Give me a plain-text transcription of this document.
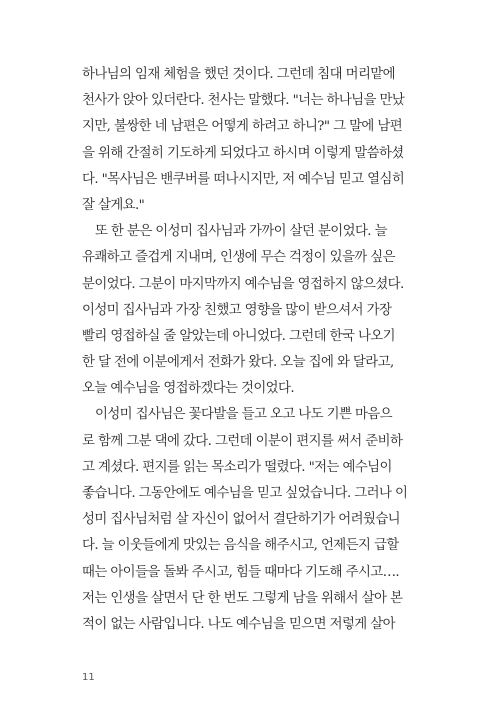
하나님의 임재 체험을 했던 것이다. 그런데 침대 머리맡에
천사가 앉아 있더란다. 천사는 말했다. "너는 하나님을 만났
지만, 불쌍한 네 남편은 어떻게 하려고 하니?" 그 말에 남편
을 위해 간절히 기도하게 되었다고 하시며 이렇게 말씀하셨
다. "목사님은 밴쿠버를 떠나시지만, 저 예수님 믿고 열심히
잘 살게요."
또 한 분은 이성미 집사님과 가까이 살던 분이었다. 늘
유쾌하고 즐겁게 지내며, 인생에 무슨 걱정이 있을까 싶은
분이었다. 그분이 마지막까지 예수님을 영접하지 않으셨다.
이성미 집사님과 가장 친했고 영향을 많이 받으셔서 가장
빨리 영접하실 줄 알았는데 아니었다. 그런데 한국 나오기
한 달 전에 이분에게서 전화가 왔다. 오늘 집에 와 달라고,
오늘 예수님을 영접하겠다는 것이었다.
이성미 집사님은 꽃다발을 들고 오고 나도 기쁜 마음으
로 함께 그분 댁에 갔다. 그런데 이분이 편지를 써서 준비하
고 계셨다. 편지를 읽는 목소리가 떨렸다. "저는 예수님이
좋습니다. 그동안에도 예수님을 믿고 싶었습니다. 그러나 이
성미 집사님처럼 살 자신이 없어서 결단하기가 어려웠습니
다. 늘 이웃들에게 맛있는 음식을 해주시고, 언제든지 급할
때는 아이들을 돌봐 주시고, 힘들 때마다 기도해 주시고….
저는 인생을 살면서 단 한 번도 그렇게 남을 위해서 살아 본
적이 없는 사람입니다. 나도 예수님을 믿으면 저렇게 살아
11
